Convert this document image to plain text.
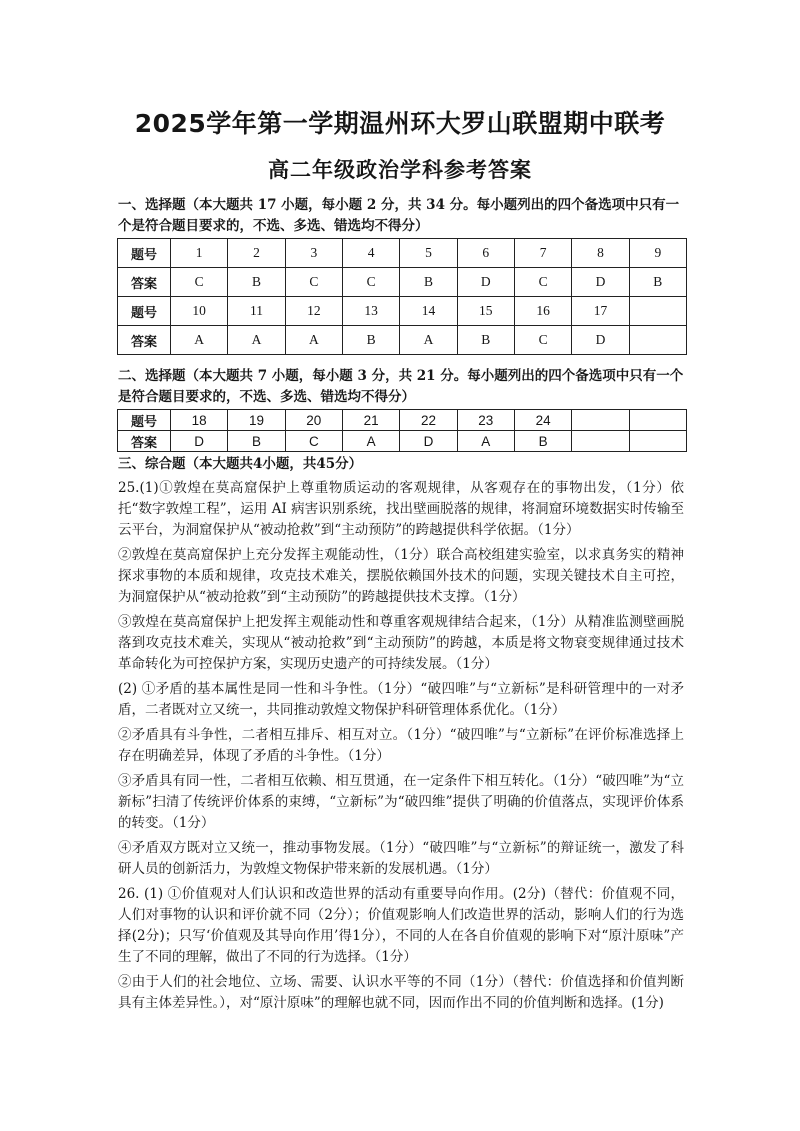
2025学年第一学期温州环大罗山联盟期中联考
高二年级政治学科参考答案
一、选择题（本大题共 17 小题，每小题 2 分，共 34 分。每小题列出的四个备选项中只有一个是符合题目要求的，不选、多选、错选均不得分）
题号	1	2	3	4	5	6	7	8	9
答案	C	B	C	C	B	D	C	D	B
题号	10	11	12	13	14	15	16	17	
答案	A	A	A	B	A	B	C	D	
二、选择题（本大题共 7 小题，每小题 3 分，共 21 分。每小题列出的四个备选项中只有一个是符合题目要求的，不选、多选、错选均不得分）
题号	18	19	20	21	22	23	24		
答案	D	B	C	A	D	A	B		
三、综合题（本大题共4小题，共45分）
25.(1)①敦煌在莫高窟保护上尊重物质运动的客观规律，从客观存在的事物出发，（1分）依托“数字敦煌工程”，运用 AI 病害识别系统，找出壁画脱落的规律，将洞窟环境数据实时传输至云平台，为洞窟保护从“被动抢救”到“主动预防”的跨越提供科学依据。（1分）
②敦煌在莫高窟保护上充分发挥主观能动性，（1分）联合高校组建实验室，以求真务实的精神探求事物的本质和规律，攻克技术难关，摆脱依赖国外技术的问题，实现关键技术自主可控，为洞窟保护从“被动抢救”到“主动预防”的跨越提供技术支撑。（1分）
③敦煌在莫高窟保护上把发挥主观能动性和尊重客观规律结合起来，（1分）从精准监测壁画脱落到攻克技术难关，实现从“被动抢救”到“主动预防”的跨越，本质是将文物衰变规律通过技术革命转化为可控保护方案，实现历史遗产的可持续发展。（1分）
(2) ①矛盾的基本属性是同一性和斗争性。（1分）“破四唯”与“立新标”是科研管理中的一对矛盾，二者既对立又统一，共同推动敦煌文物保护科研管理体系优化。（1分）
②矛盾具有斗争性，二者相互排斥、相互对立。（1分）“破四唯”与“立新标”在评价标准选择上存在明确差异，体现了矛盾的斗争性。（1分）
③矛盾具有同一性，二者相互依赖、相互贯通，在一定条件下相互转化。（1分）“破四唯”为“立新标”扫清了传统评价体系的束缚，“立新标”为“破四维”提供了明确的价值落点，实现评价体系的转变。（1分）
④矛盾双方既对立又统一，推动事物发展。（1分）“破四唯”与“立新标”的辩证统一，激发了科研人员的创新活力，为敦煌文物保护带来新的发展机遇。（1分）
26. (1) ①价值观对人们认识和改造世界的活动有重要导向作用。(2分)（替代：价值观不同，人们对事物的认识和评价就不同（2分）；价值观影响人们改造世界的活动，影响人们的行为选择(2分)；只写‘价值观及其导向作用’得1分），不同的人在各自价值观的影响下对“原汁原味”产生了不同的理解，做出了不同的行为选择。（1分）
②由于人们的社会地位、立场、需要、认识水平等的不同（1分）（替代：价值选择和价值判断具有主体差异性。），对“原汁原味”的理解也就不同，因而作出不同的价值判断和选择。(1分)
